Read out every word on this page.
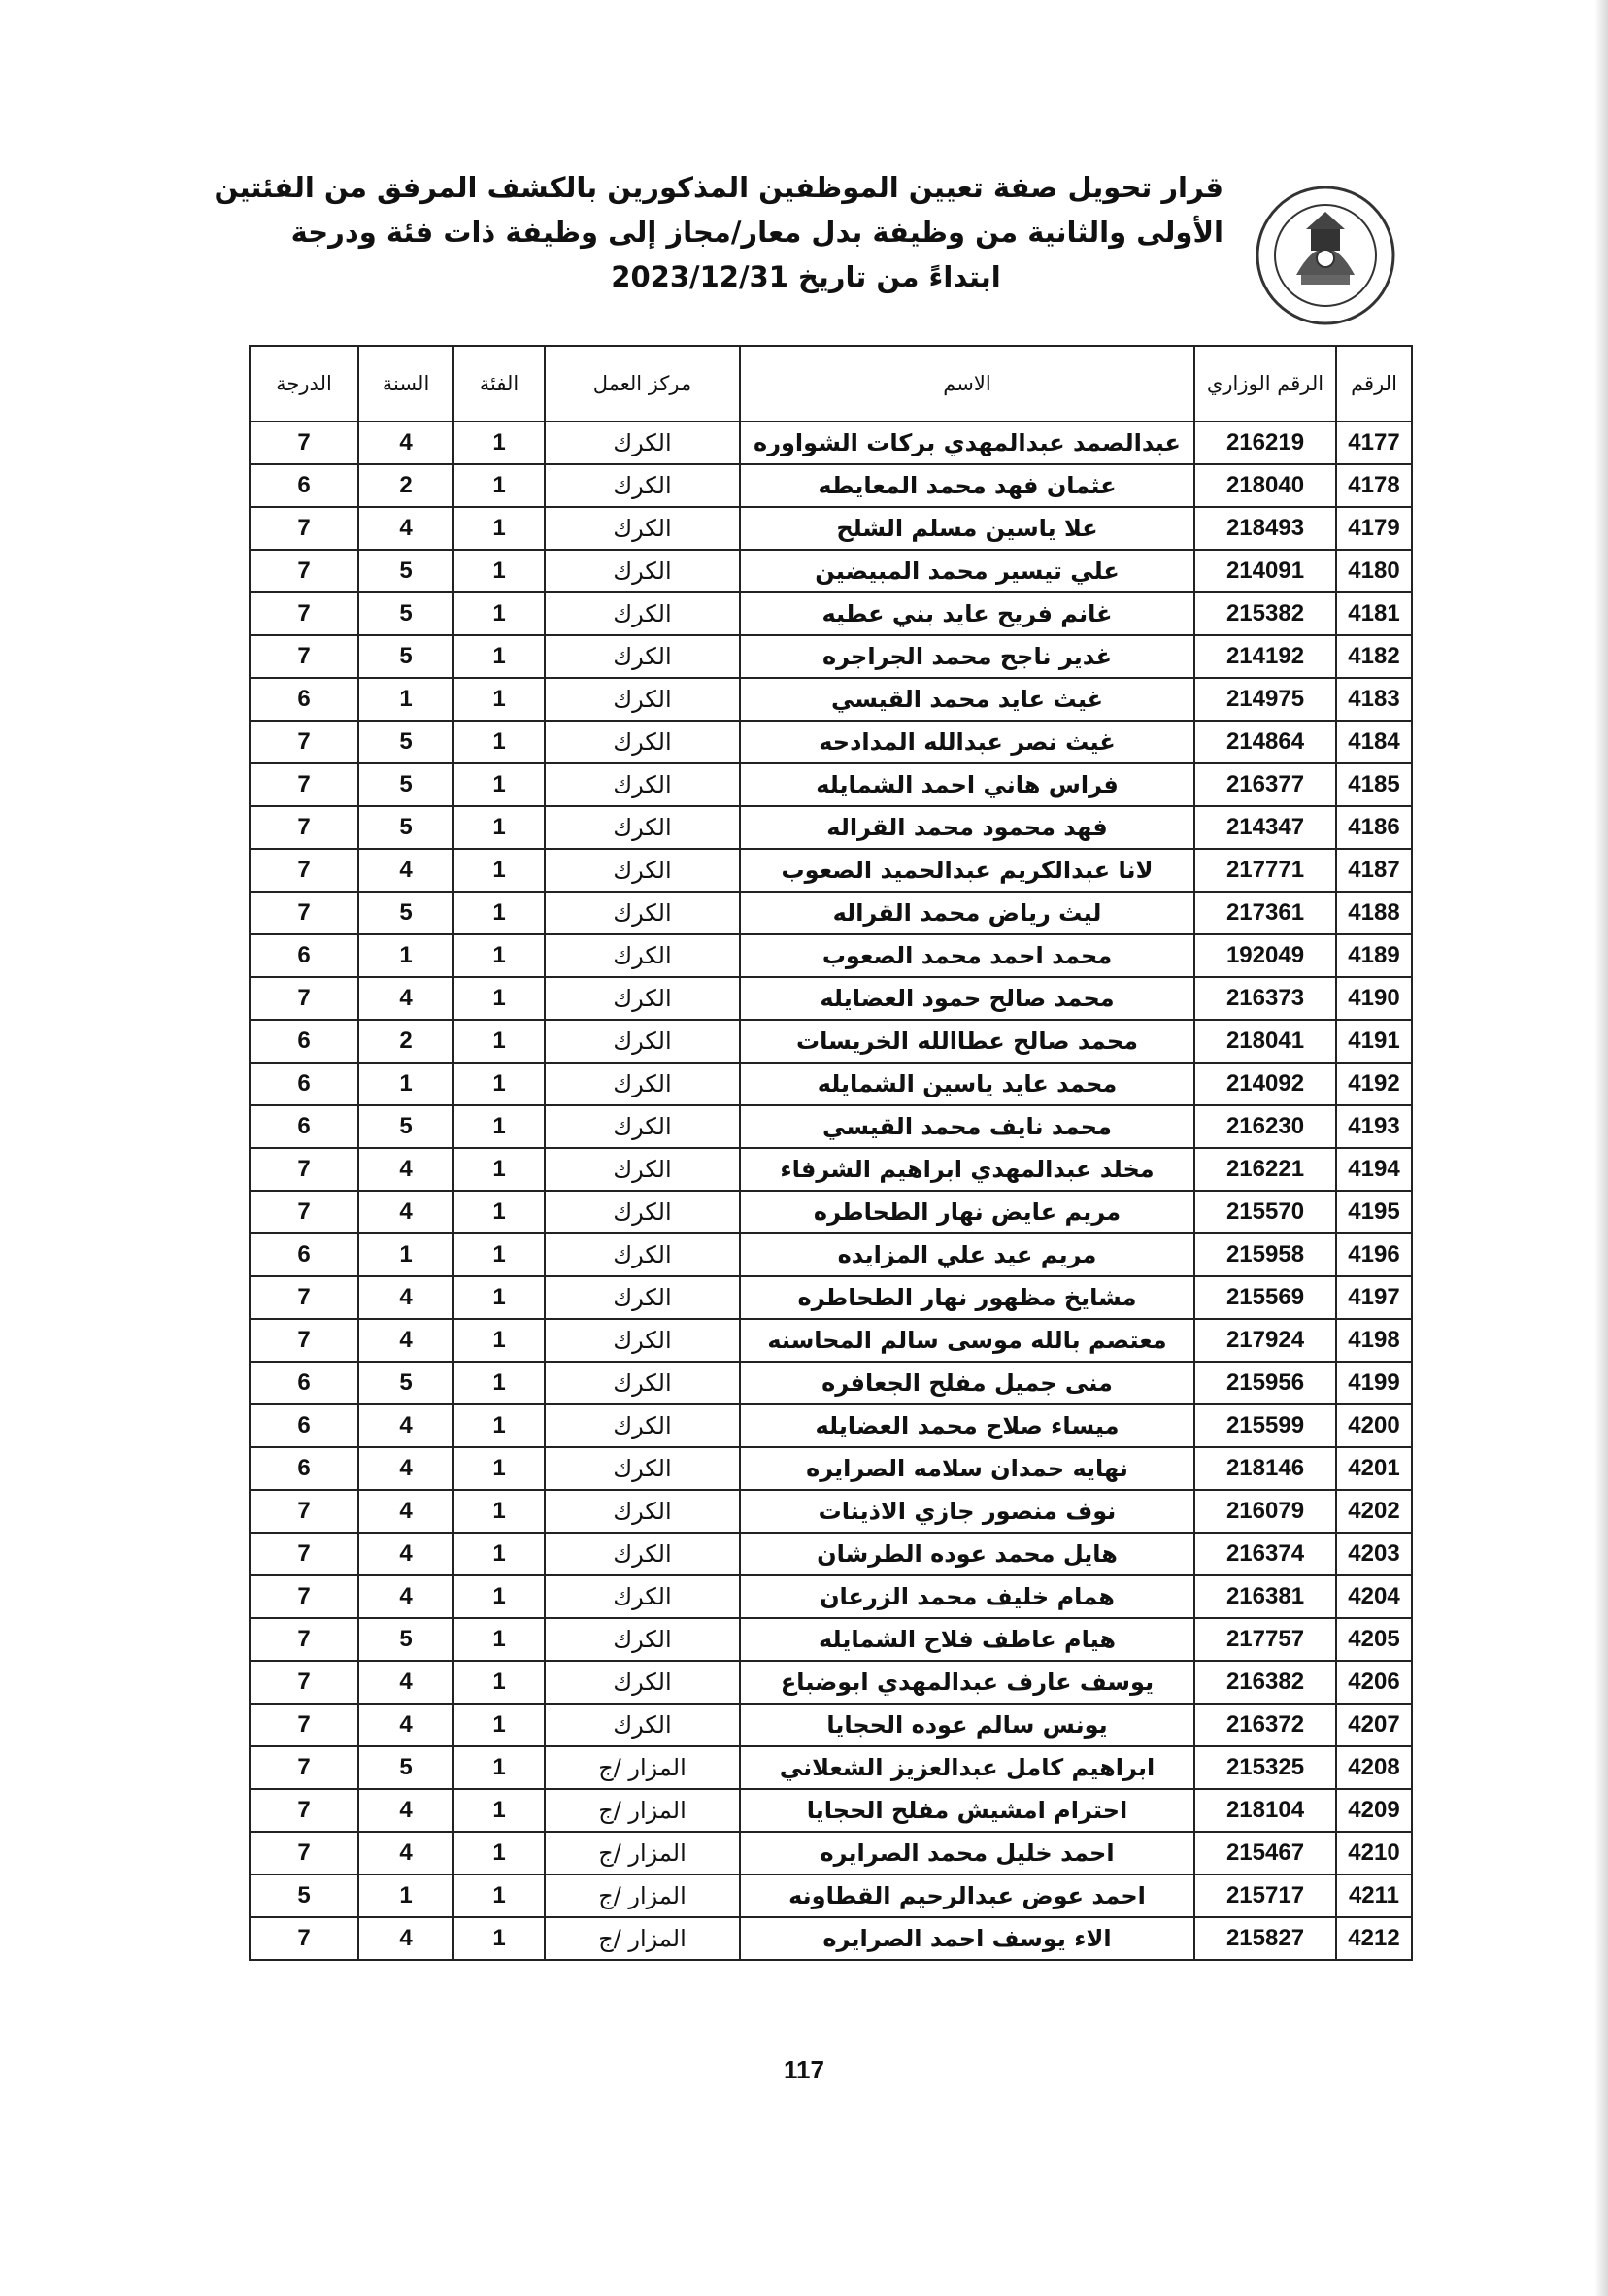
قرار تحويل صفة تعيين الموظفين المذكورين بالكشف المرفق من الفئتين
الأولى والثانية من وظيفة بدل معار/مجاز إلى وظيفة ذات فئة ودرجة
ابتداءً من تاريخ 2023/12/31
الرقم	الرقم الوزاري	الاسم	مركز العمل	الفئة	السنة	الدرجة
4177	216219	عبدالصمد عبدالمهدي بركات الشواوره	الكرك	1	4	7
4178	218040	عثمان فهد محمد المعايطه	الكرك	1	2	6
4179	218493	علا ياسين مسلم الشلح	الكرك	1	4	7
4180	214091	علي تيسير محمد المبيضين	الكرك	1	5	7
4181	215382	غانم فريح عايد بني عطيه	الكرك	1	5	7
4182	214192	غدير ناجح محمد الجراجره	الكرك	1	5	7
4183	214975	غيث عايد محمد القيسي	الكرك	1	1	6
4184	214864	غيث نصر عبدالله المدادحه	الكرك	1	5	7
4185	216377	فراس هاني احمد الشمايله	الكرك	1	5	7
4186	214347	فهد محمود محمد القراله	الكرك	1	5	7
4187	217771	لانا عبدالكريم عبدالحميد الصعوب	الكرك	1	4	7
4188	217361	ليث رياض محمد القراله	الكرك	1	5	7
4189	192049	محمد احمد محمد الصعوب	الكرك	1	1	6
4190	216373	محمد صالح حمود العضايله	الكرك	1	4	7
4191	218041	محمد صالح عطاالله الخريسات	الكرك	1	2	6
4192	214092	محمد عايد ياسين الشمايله	الكرك	1	1	6
4193	216230	محمد نايف محمد القيسي	الكرك	1	5	6
4194	216221	مخلد عبدالمهدي ابراهيم الشرفاء	الكرك	1	4	7
4195	215570	مريم عايض نهار الطحاطره	الكرك	1	4	7
4196	215958	مريم عيد علي المزايده	الكرك	1	1	6
4197	215569	مشايخ مظهور نهار الطحاطره	الكرك	1	4	7
4198	217924	معتصم بالله موسى سالم المحاسنه	الكرك	1	4	7
4199	215956	منى جميل مفلح الجعافره	الكرك	1	5	6
4200	215599	ميساء صلاح محمد العضايله	الكرك	1	4	6
4201	218146	نهايه حمدان سلامه الصرايره	الكرك	1	4	6
4202	216079	نوف منصور جازي الاذينات	الكرك	1	4	7
4203	216374	هايل محمد عوده الطرشان	الكرك	1	4	7
4204	216381	همام خليف محمد الزرعان	الكرك	1	4	7
4205	217757	هيام عاطف فلاح الشمايله	الكرك	1	5	7
4206	216382	يوسف عارف عبدالمهدي ابوضباع	الكرك	1	4	7
4207	216372	يونس سالم عوده الحجايا	الكرك	1	4	7
4208	215325	ابراهيم كامل عبدالعزيز الشعلاني	المزار /ج	1	5	7
4209	218104	احترام امشيش مفلح الحجايا	المزار /ج	1	4	7
4210	215467	احمد خليل محمد الصرايره	المزار /ج	1	4	7
4211	215717	احمد عوض عبدالرحيم القطاونه	المزار /ج	1	1	5
4212	215827	الاء يوسف احمد الصرايره	المزار /ج	1	4	7
117
